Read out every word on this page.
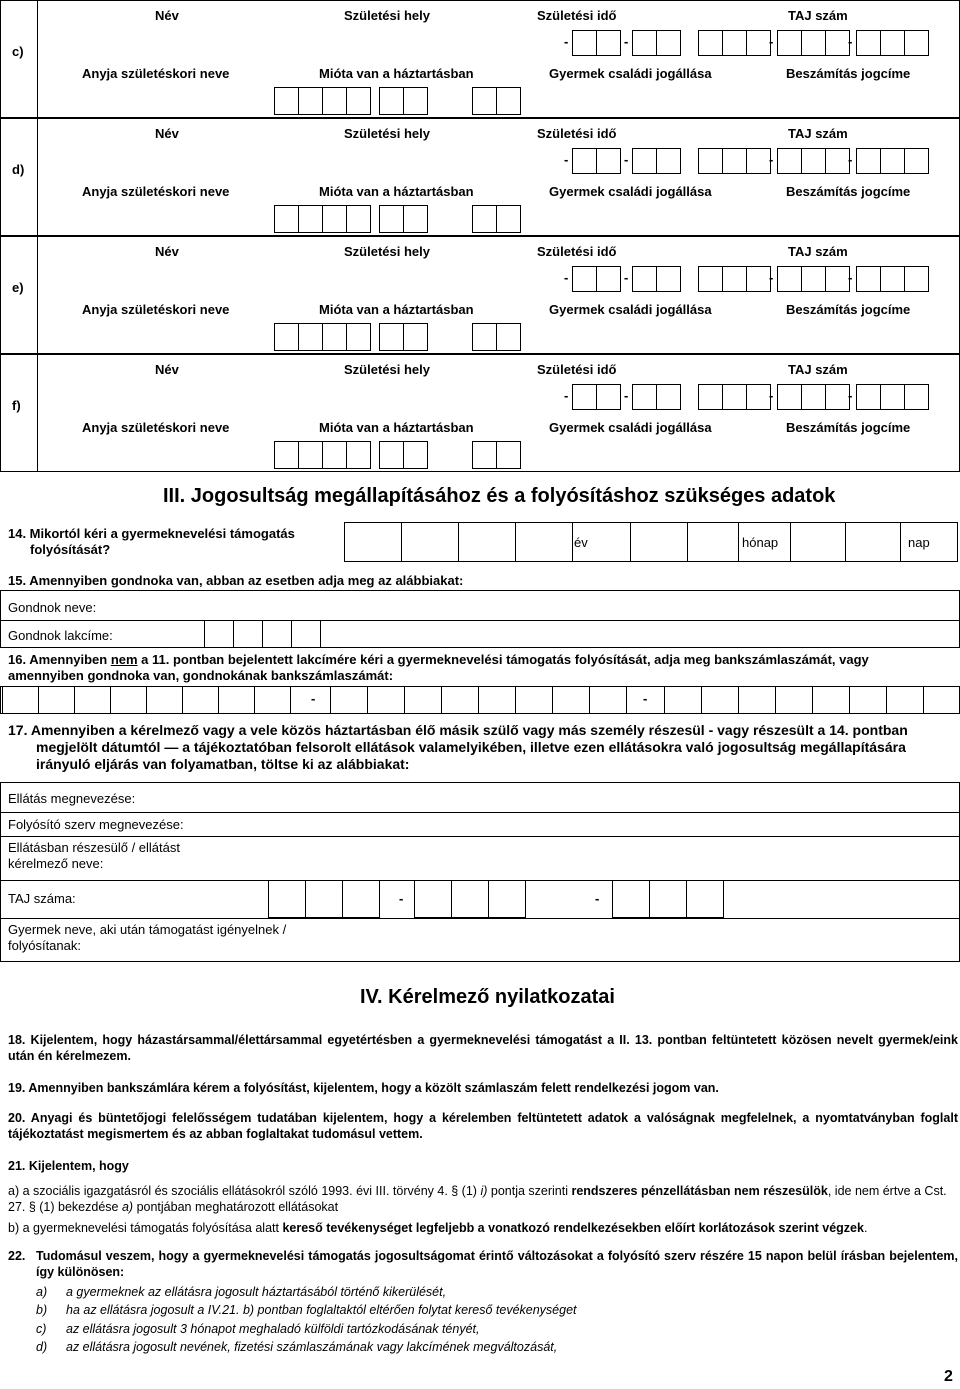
c)
Név	Születési hely	Születési idő	TAJ szám
Anyja születéskori neve	Mióta van a háztartásban	Gyermek családi jogállása	Beszámítás jogcíme
-	-	-	-
d)
Név	Születési hely	Születési idő	TAJ szám
Anyja születéskori neve	Mióta van a háztartásban	Gyermek családi jogállása	Beszámítás jogcíme
-	-	-	-
e)
Név	Születési hely	Születési idő	TAJ szám
Anyja születéskori neve	Mióta van a háztartásban	Gyermek családi jogállása	Beszámítás jogcíme
-	-	-	-
f)
Név	Születési hely	Születési idő	TAJ szám
Anyja születéskori neve	Mióta van a háztartásban	Gyermek családi jogállása	Beszámítás jogcíme
-	-	-	-
III. Jogosultság megállapításához és a folyósításhoz szükséges adatok
14. Mikortól kéri a gyermeknevelési támogatás
folyósítását?	év	hónap	nap
15. Amennyiben gondnoka van, abban az esetben adja meg az alábbiakat:
Gondnok neve:
Gondnok lakcíme:
16. Amennyiben nem a 11. pontban bejelentett lakcímére kéri a gyermeknevelési támogatás folyósítását, adja meg bankszámlaszámát, vagy
amennyiben gondnoka van, gondnokának bankszámlaszámát:
-	-
17. Amennyiben a kérelmező vagy a vele közös háztartásban élő másik szülő vagy más személy részesül - vagy részesült a 14. pontban
megjelölt dátumtól — a tájékoztatóban felsorolt ellátások valamelyikében, illetve ezen ellátásokra való jogosultság megállapítására
irányuló eljárás van folyamatban, töltse ki az alábbiakat:
Ellátás megnevezése:
Folyósító szerv megnevezése:
Ellátásban részesülő / ellátást
kérelmező neve:
TAJ száma:	-	-
Gyermek neve, aki után támogatást igényelnek /
folyósítanak:
IV. Kérelmező nyilatkozatai
18. Kijelentem, hogy házastársammal/élettársammal egyetértésben a gyermeknevelési támogatást a II. 13. pontban feltüntetett közösen nevelt gyermek/eink után én kérelmezem.
19. Amennyiben bankszámlára kérem a folyósítást, kijelentem, hogy a közölt számlaszám felett rendelkezési jogom van.
20. Anyagi és büntetőjogi felelősségem tudatában kijelentem, hogy a kérelemben feltüntetett adatok a valóságnak megfelelnek, a nyomtatványban foglalt tájékoztatást megismertem és az abban foglaltakat tudomásul vettem.
21. Kijelentem, hogy
a) a szociális igazgatásról és szociális ellátásokról szóló 1993. évi III. törvény 4. § (1) i) pontja szerinti rendszeres pénzellátásban nem részesülök, ide nem értve a Cst. 27. § (1) bekezdése a) pontjában meghatározott ellátásokat
b) a gyermeknevelési támogatás folyósítása alatt kereső tevékenységet legfeljebb a vonatkozó rendelkezésekben előírt korlátozások szerint végzek.
22. Tudomásul veszem, hogy a gyermeknevelési támogatás jogosultságomat érintő változásokat a folyósító szerv részére 15 napon belül írásban bejelentem, így különösen:
a) a gyermeknek az ellátásra jogosult háztartásából történő kikerülését,
b) ha az ellátásra jogosult a IV.21. b) pontban foglaltaktól eltérően folytat kereső tevékenységet
c) az ellátásra jogosult 3 hónapot meghaladó külföldi tartózkodásának tényét,
d) az ellátásra jogosult nevének, fizetési számlaszámának vagy lakcímének megváltozását,
2
